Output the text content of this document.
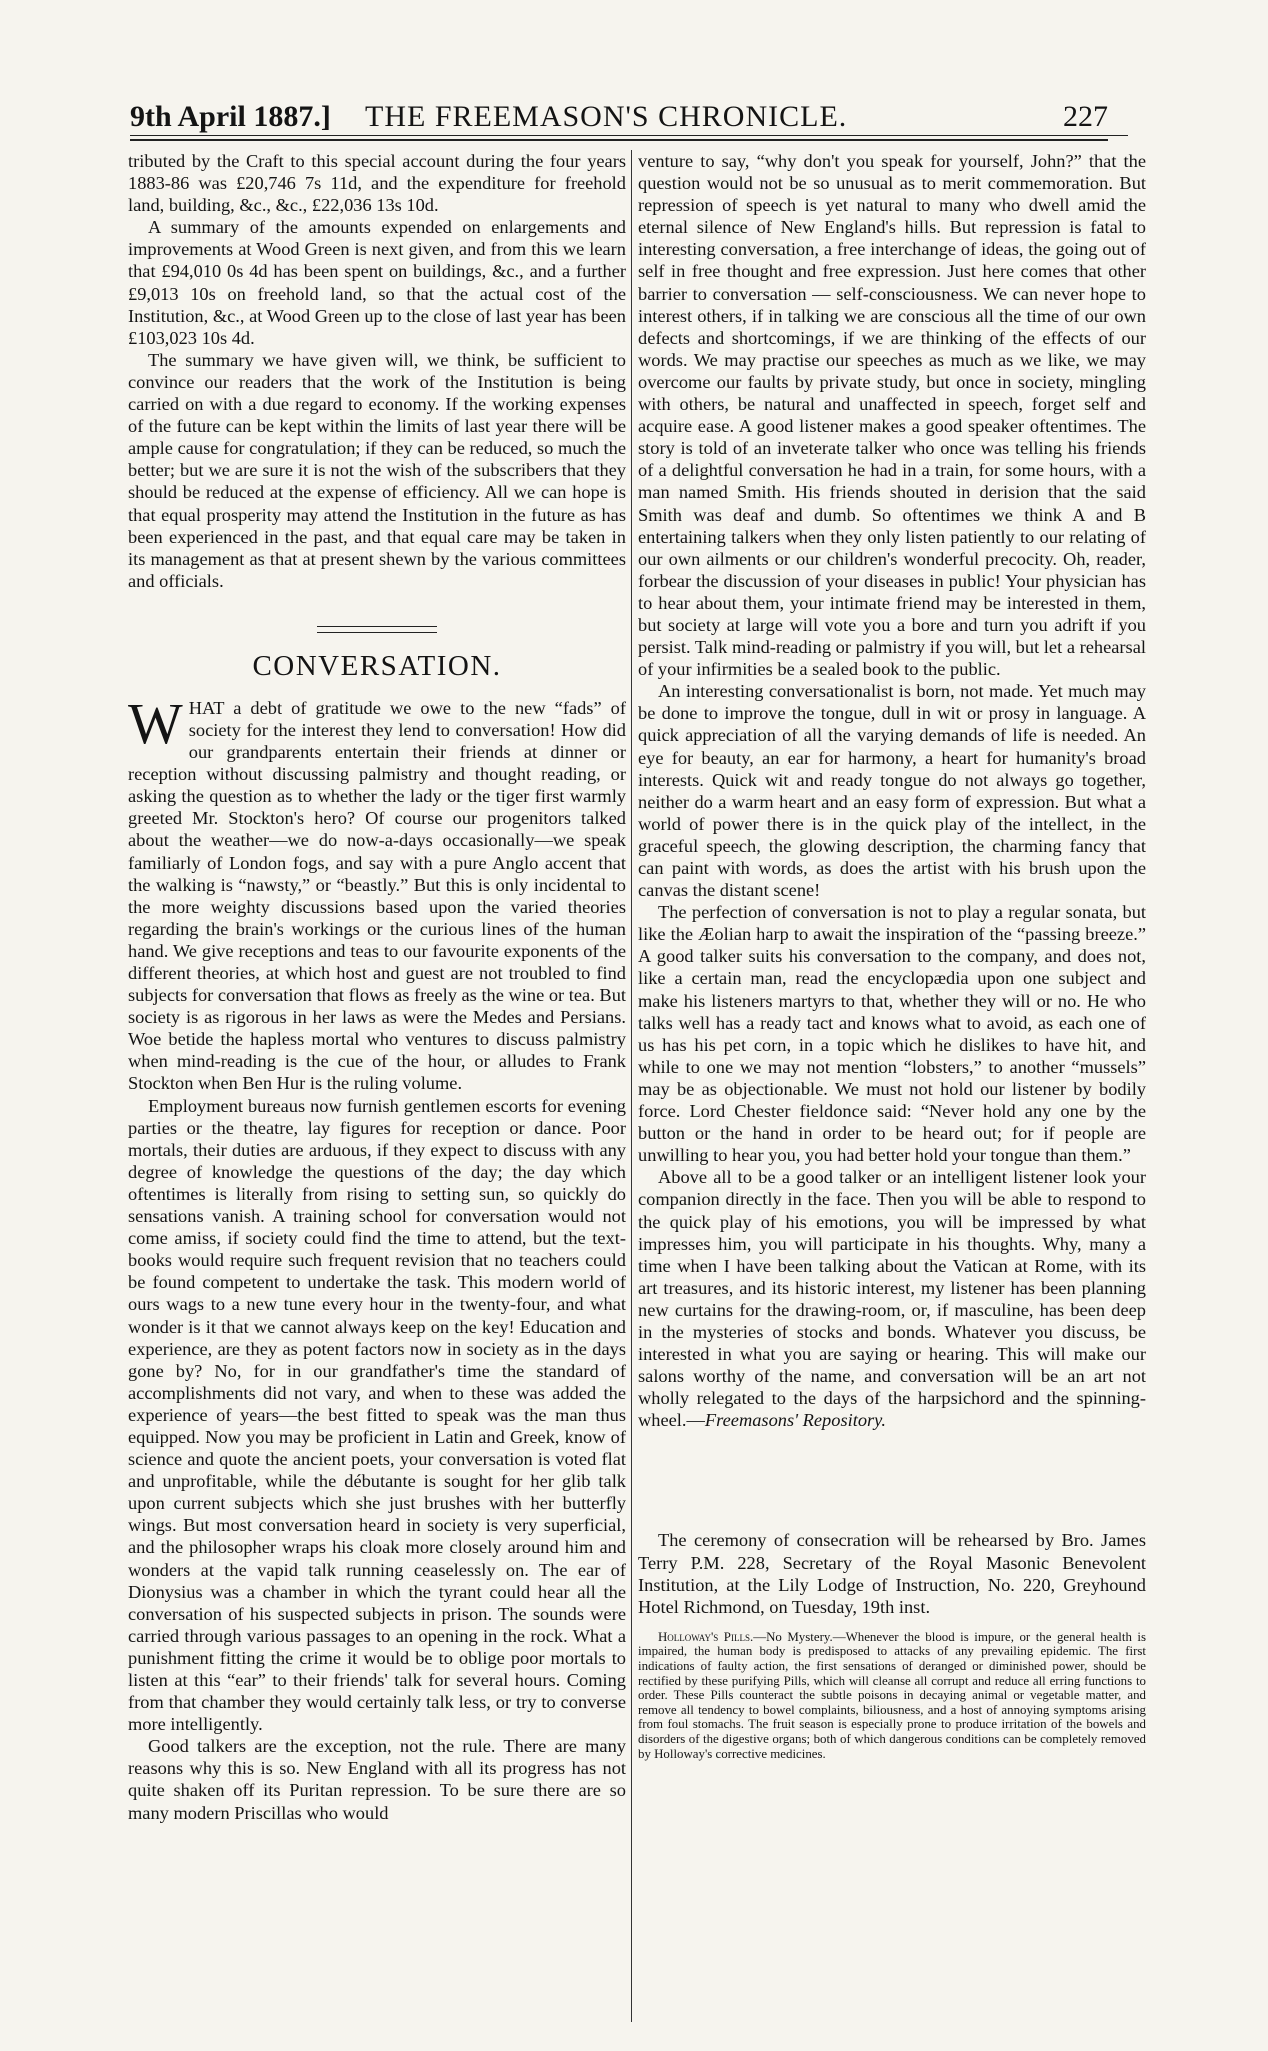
9th April 1887.] THE FREEMASON'S CHRONICLE.	227

tributed by the Craft to this special account during the four years 1883-86 was £20,746 7s 11d, and the expenditure for freehold land, building, &c., &c., £22,036 13s 10d.

A summary of the amounts expended on enlargements and improvements at Wood Green is next given, and from this we learn that £94,010 0s 4d has been spent on buildings, &c., and a further £9,013 10s on freehold land, so that the actual cost of the Institution, &c., at Wood Green up to the close of last year has been £103,023 10s 4d.

The summary we have given will, we think, be sufficient to convince our readers that the work of the Institution is being carried on with a due regard to economy. If the working expenses of the future can be kept within the limits of last year there will be ample cause for congratulation; if they can be reduced, so much the better; but we are sure it is not the wish of the subscribers that they should be reduced at the expense of efficiency. All we can hope is that equal prosperity may attend the Institution in the future as has been experienced in the past, and that equal care may be taken in its management as that at present shewn by the various committees and officials.

CONVERSATION.

WHAT a debt of gratitude we owe to the new “fads” of society for the interest they lend to conversation! How did our grandparents entertain their friends at dinner or reception without discussing palmistry and thought reading, or asking the question as to whether the lady or the tiger first warmly greeted Mr. Stockton's hero? Of course our progenitors talked about the weather—we do now-a-days occasionally—we speak familiarly of London fogs, and say with a pure Anglo accent that the walking is “nawsty,” or “beastly.” But this is only incidental to the more weighty discussions based upon the varied theories regarding the brain's workings or the curious lines of the human hand. We give receptions and teas to our favourite exponents of the different theories, at which host and guest are not troubled to find subjects for conversation that flows as freely as the wine or tea. But society is as rigorous in her laws as were the Medes and Persians. Woe betide the hapless mortal who ventures to discuss palmistry when mind-reading is the cue of the hour, or alludes to Frank Stockton when Ben Hur is the ruling volume.

Employment bureaus now furnish gentlemen escorts for evening parties or the theatre, lay figures for reception or dance. Poor mortals, their duties are arduous, if they expect to discuss with any degree of knowledge the questions of the day; the day which oftentimes is literally from rising to setting sun, so quickly do sensations vanish. A training school for conversation would not come amiss, if society could find the time to attend, but the text-books would require such frequent revision that no teachers could be found competent to undertake the task. This modern world of ours wags to a new tune every hour in the twenty-four, and what wonder is it that we cannot always keep on the key! Education and experience, are they as potent factors now in society as in the days gone by? No, for in our grandfather's time the standard of accomplishments did not vary, and when to these was added the experience of years—the best fitted to speak was the man thus equipped. Now you may be proficient in Latin and Greek, know of science and quote the ancient poets, your conversation is voted flat and unprofitable, while the débutante is sought for her glib talk upon current subjects which she just brushes with her butterfly wings. But most conversation heard in society is very superficial, and the philosopher wraps his cloak more closely around him and wonders at the vapid talk running ceaselessly on. The ear of Dionysius was a chamber in which the tyrant could hear all the conversation of his suspected subjects in prison. The sounds were carried through various passages to an opening in the rock. What a punishment fitting the crime it would be to oblige poor mortals to listen at this “ear” to their friends' talk for several hours. Coming from that chamber they would certainly talk less, or try to converse more intelligently.

Good talkers are the exception, not the rule. There are many reasons why this is so. New England with all its progress has not quite shaken off its Puritan repression. To be sure there are so many modern Priscillas who would

venture to say, “why don't you speak for yourself, John?” that the question would not be so unusual as to merit commemoration. But repression of speech is yet natural to many who dwell amid the eternal silence of New England's hills. But repression is fatal to interesting conversation, a free interchange of ideas, the going out of self in free thought and free expression. Just here comes that other barrier to conversation — self-consciousness. We can never hope to interest others, if in talking we are conscious all the time of our own defects and shortcomings, if we are thinking of the effects of our words. We may practise our speeches as much as we like, we may overcome our faults by private study, but once in society, mingling with others, be natural and unaffected in speech, forget self and acquire ease. A good listener makes a good speaker oftentimes. The story is told of an inveterate talker who once was telling his friends of a delightful conversation he had in a train, for some hours, with a man named Smith. His friends shouted in derision that the said Smith was deaf and dumb. So oftentimes we think A and B entertaining talkers when they only listen patiently to our relating of our own ailments or our children's wonderful precocity. Oh, reader, forbear the discussion of your diseases in public! Your physician has to hear about them, your intimate friend may be interested in them, but society at large will vote you a bore and turn you adrift if you persist. Talk mind-reading or palmistry if you will, but let a rehearsal of your infirmities be a sealed book to the public.

An interesting conversationalist is born, not made. Yet much may be done to improve the tongue, dull in wit or prosy in language. A quick appreciation of all the varying demands of life is needed. An eye for beauty, an ear for harmony, a heart for humanity's broad interests. Quick wit and ready tongue do not always go together, neither do a warm heart and an easy form of expression. But what a world of power there is in the quick play of the intellect, in the graceful speech, the glowing description, the charming fancy that can paint with words, as does the artist with his brush upon the canvas the distant scene!

The perfection of conversation is not to play a regular sonata, but like the Æolian harp to await the inspiration of the “passing breeze.” A good talker suits his conversation to the company, and does not, like a certain man, read the encyclopædia upon one subject and make his listeners martyrs to that, whether they will or no. He who talks well has a ready tact and knows what to avoid, as each one of us has his pet corn, in a topic which he dislikes to have hit, and while to one we may not mention “lobsters,” to another “mussels” may be as objectionable. We must not hold our listener by bodily force. Lord Chester fieldonce said: “Never hold any one by the button or the hand in order to be heard out; for if people are unwilling to hear you, you had better hold your tongue than them.”

Above all to be a good talker or an intelligent listener look your companion directly in the face. Then you will be able to respond to the quick play of his emotions, you will be impressed by what impresses him, you will participate in his thoughts. Why, many a time when I have been talking about the Vatican at Rome, with its art treasures, and its historic interest, my listener has been planning new curtains for the drawing-room, or, if masculine, has been deep in the mysteries of stocks and bonds. Whatever you discuss, be interested in what you are saying or hearing. This will make our salons worthy of the name, and conversation will be an art not wholly relegated to the days of the harpsichord and the spinning-wheel.—Freemasons' Repository.

The ceremony of consecration will be rehearsed by Bro. James Terry P.M. 228, Secretary of the Royal Masonic Benevolent Institution, at the Lily Lodge of Instruction, No. 220, Greyhound Hotel Richmond, on Tuesday, 19th inst.

Holloway's Pills.—No Mystery.—Whenever the blood is impure, or the general health is impaired, the human body is predisposed to attacks of any prevailing epidemic. The first indications of faulty action, the first sensations of deranged or diminished power, should be rectified by these purifying Pills, which will cleanse all corrupt and reduce all erring functions to order. These Pills counteract the subtle poisons in decaying animal or vegetable matter, and remove all tendency to bowel complaints, biliousness, and a host of annoying symptoms arising from foul stomachs. The fruit season is especially prone to produce irritation of the bowels and disorders of the digestive organs; both of which dangerous conditions can be completely removed by Holloway's corrective medicines.
